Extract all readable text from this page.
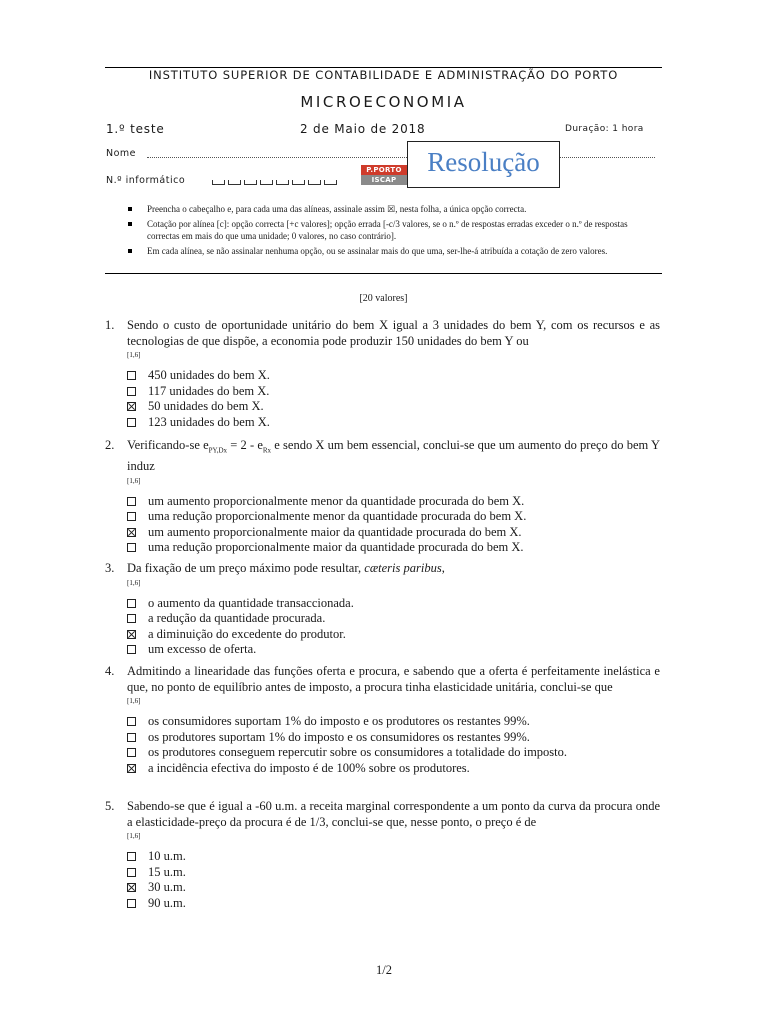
INSTITUTO SUPERIOR DE CONTABILIDADE E ADMINISTRAÇÃO DO PORTO
MICROECONOMIA
1.º teste	2 de Maio de 2018	Duração: 1 hora
Nome
N.º informático
P.PORTO
ISCAP
Resolução
Preencha o cabeçalho e, para cada uma das alíneas, assinale assim ☒, nesta folha, a única opção correcta.
Cotação por alínea [c]: opção correcta [+c valores]; opção errada [-c/3 valores, se o n.º de respostas erradas exceder o n.º de respostas correctas em mais do que uma unidade; 0 valores, no caso contrário].
Em cada alínea, se não assinalar nenhuma opção, ou se assinalar mais do que uma, ser-lhe-á atribuída a cotação de zero valores.
[20 valores]
1. Sendo o custo de oportunidade unitário do bem X igual a 3 unidades do bem Y, com os recursos e as tecnologias de que dispõe, a economia pode produzir 150 unidades do bem Y ou
[1,6]
450 unidades do bem X.
117 unidades do bem X.
50 unidades do bem X.
123 unidades do bem X.
2. Verificando-se $e_{PY,Dx} = 2 - e_{Rx}$ e sendo X um bem essencial, conclui-se que um aumento do preço do bem Y induz
[1,6]
um aumento proporcionalmente menor da quantidade procurada do bem X.
uma redução proporcionalmente menor da quantidade procurada do bem X.
um aumento proporcionalmente maior da quantidade procurada do bem X.
uma redução proporcionalmente maior da quantidade procurada do bem X.
3. Da fixação de um preço máximo pode resultar, cæteris paribus,
[1,6]
o aumento da quantidade transaccionada.
a redução da quantidade procurada.
a diminuição do excedente do produtor.
um excesso de oferta.
4. Admitindo a linearidade das funções oferta e procura, e sabendo que a oferta é perfeitamente inelástica e que, no ponto de equilíbrio antes de imposto, a procura tinha elasticidade unitária, conclui-se que
[1,6]
os consumidores suportam 1% do imposto e os produtores os restantes 99%.
os produtores suportam 1% do imposto e os consumidores os restantes 99%.
os produtores conseguem repercutir sobre os consumidores a totalidade do imposto.
a incidência efectiva do imposto é de 100% sobre os produtores.
5. Sabendo-se que é igual a -60 u.m. a receita marginal correspondente a um ponto da curva da procura onde a elasticidade-preço da procura é de 1/3, conclui-se que, nesse ponto, o preço é de
[1,6]
10 u.m.
15 u.m.
30 u.m.
90 u.m.
1/2
